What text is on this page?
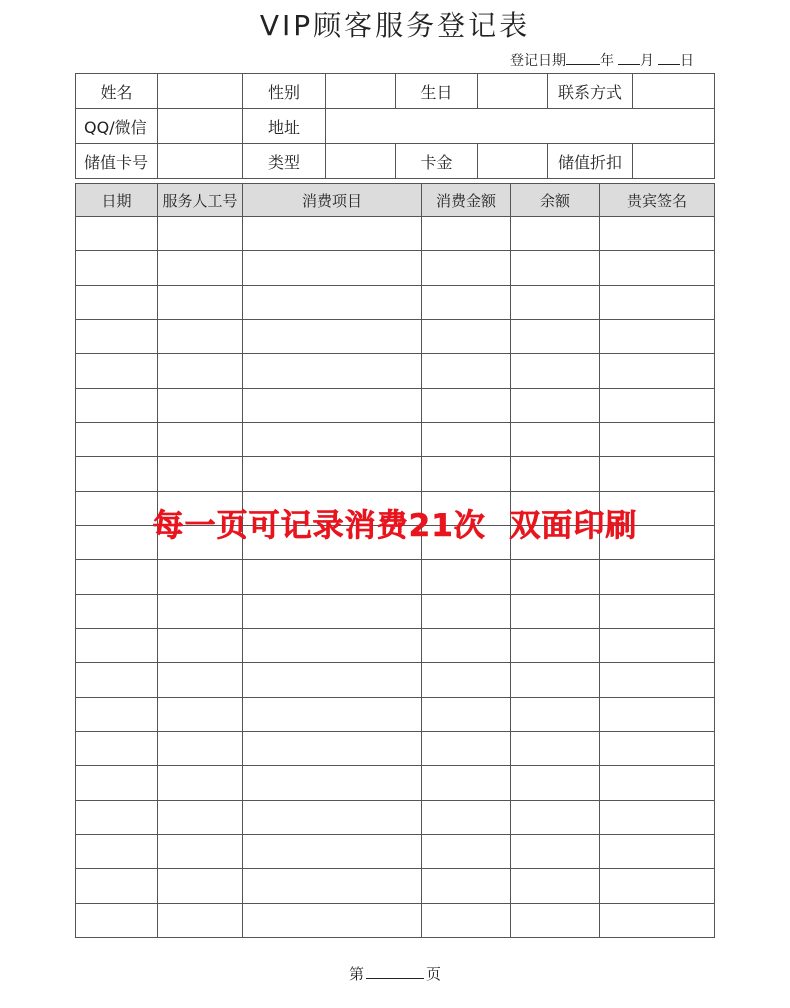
VIP顾客服务登记表
登记日期 年 月 日
姓名		性别		生日		联系方式	
QQ/微信		地址					
储值卡号		类型		卡金		储值折扣	
日期	服务人工号	消费项目	消费金额	余额	贵宾签名

每一页可记录消费21次  双面印刷
第	页
